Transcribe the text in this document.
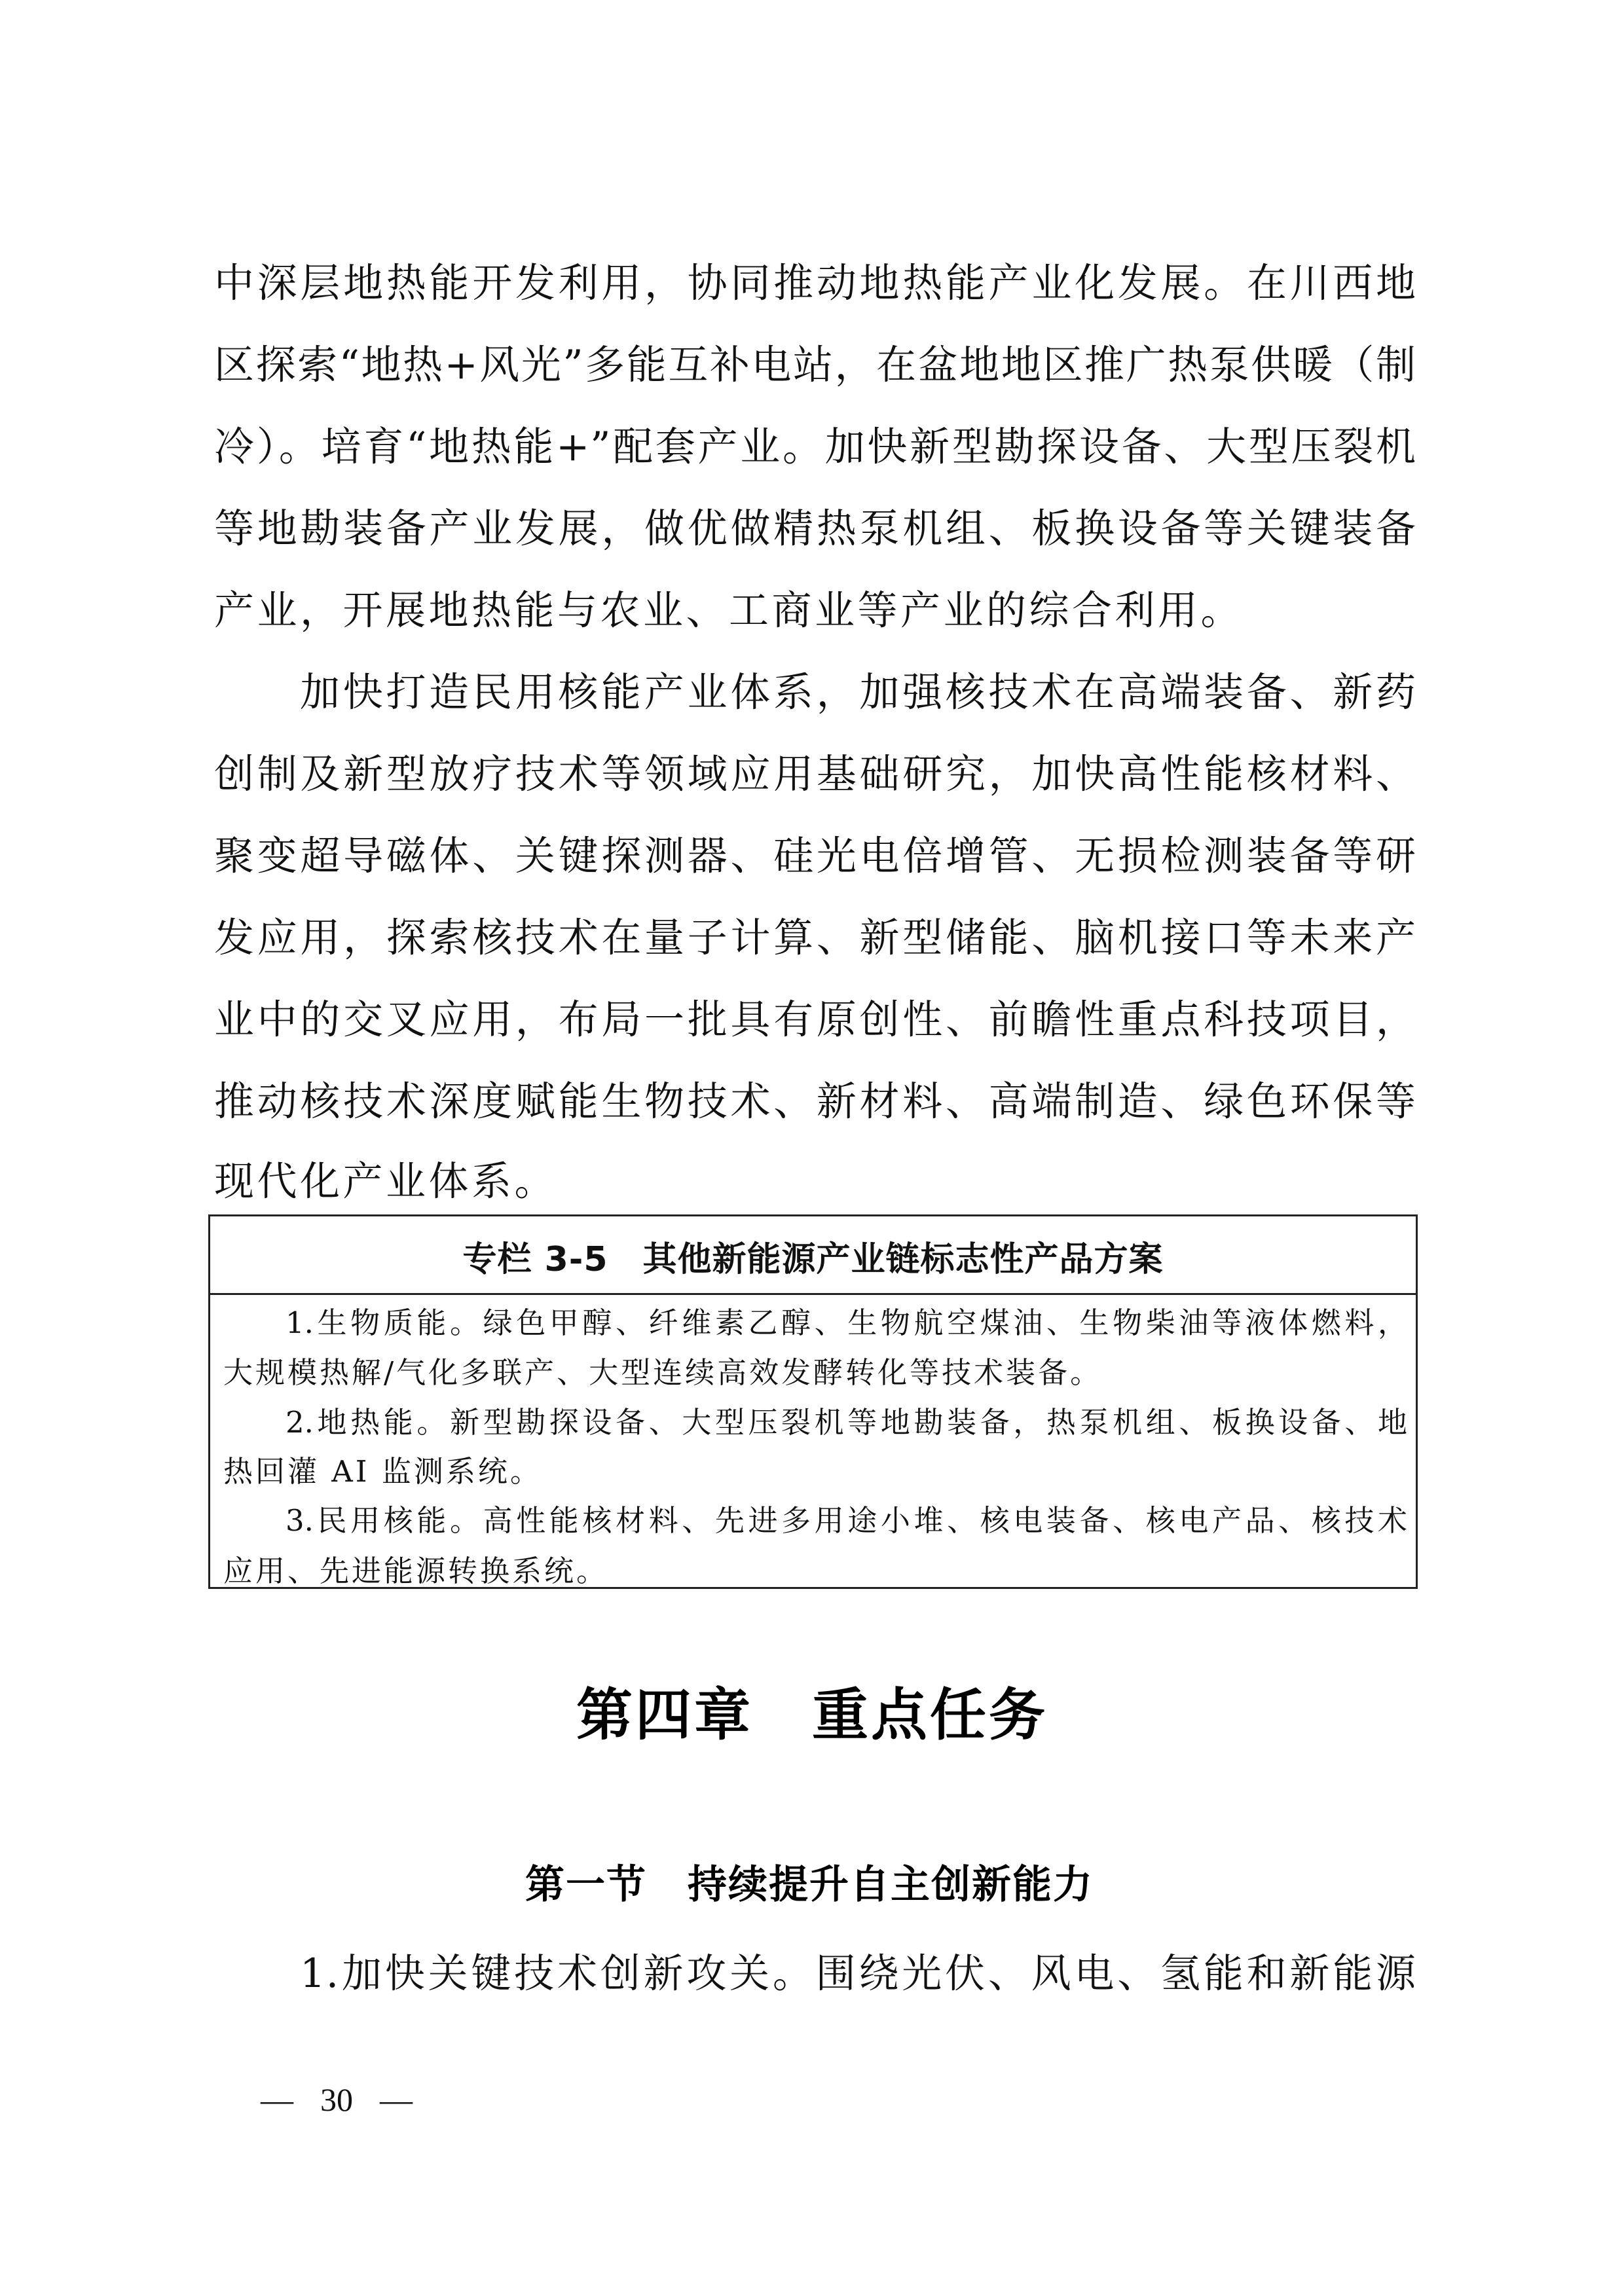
中深层地热能开发利用，协同推动地热能产业化发展。在川西地
区探索“地热+风光”多能互补电站，在盆地地区推广热泵供暖（制
冷）。培育“地热能+”配套产业。加快新型勘探设备、大型压裂机
等地勘装备产业发展，做优做精热泵机组、板换设备等关键装备
产业，开展地热能与农业、工商业等产业的综合利用。
加快打造民用核能产业体系，加强核技术在高端装备、新药
创制及新型放疗技术等领域应用基础研究，加快高性能核材料、
聚变超导磁体、关键探测器、硅光电倍增管、无损检测装备等研
发应用，探索核技术在量子计算、新型储能、脑机接口等未来产
业中的交叉应用，布局一批具有原创性、前瞻性重点科技项目，
推动核技术深度赋能生物技术、新材料、高端制造、绿色环保等
现代化产业体系。
专栏 3-5　其他新能源产业链标志性产品方案
1.生物质能。绿色甲醇、纤维素乙醇、生物航空煤油、生物柴油等液体燃料，
大规模热解/气化多联产、大型连续高效发酵转化等技术装备。
2.地热能。新型勘探设备、大型压裂机等地勘装备，热泵机组、板换设备、地
热回灌 AI 监测系统。
3.民用核能。高性能核材料、先进多用途小堆、核电装备、核电产品、核技术
应用、先进能源转换系统。
第四章　重点任务
第一节　持续提升自主创新能力
1.加快关键技术创新攻关。围绕光伏、风电、氢能和新能源
— 30 —
